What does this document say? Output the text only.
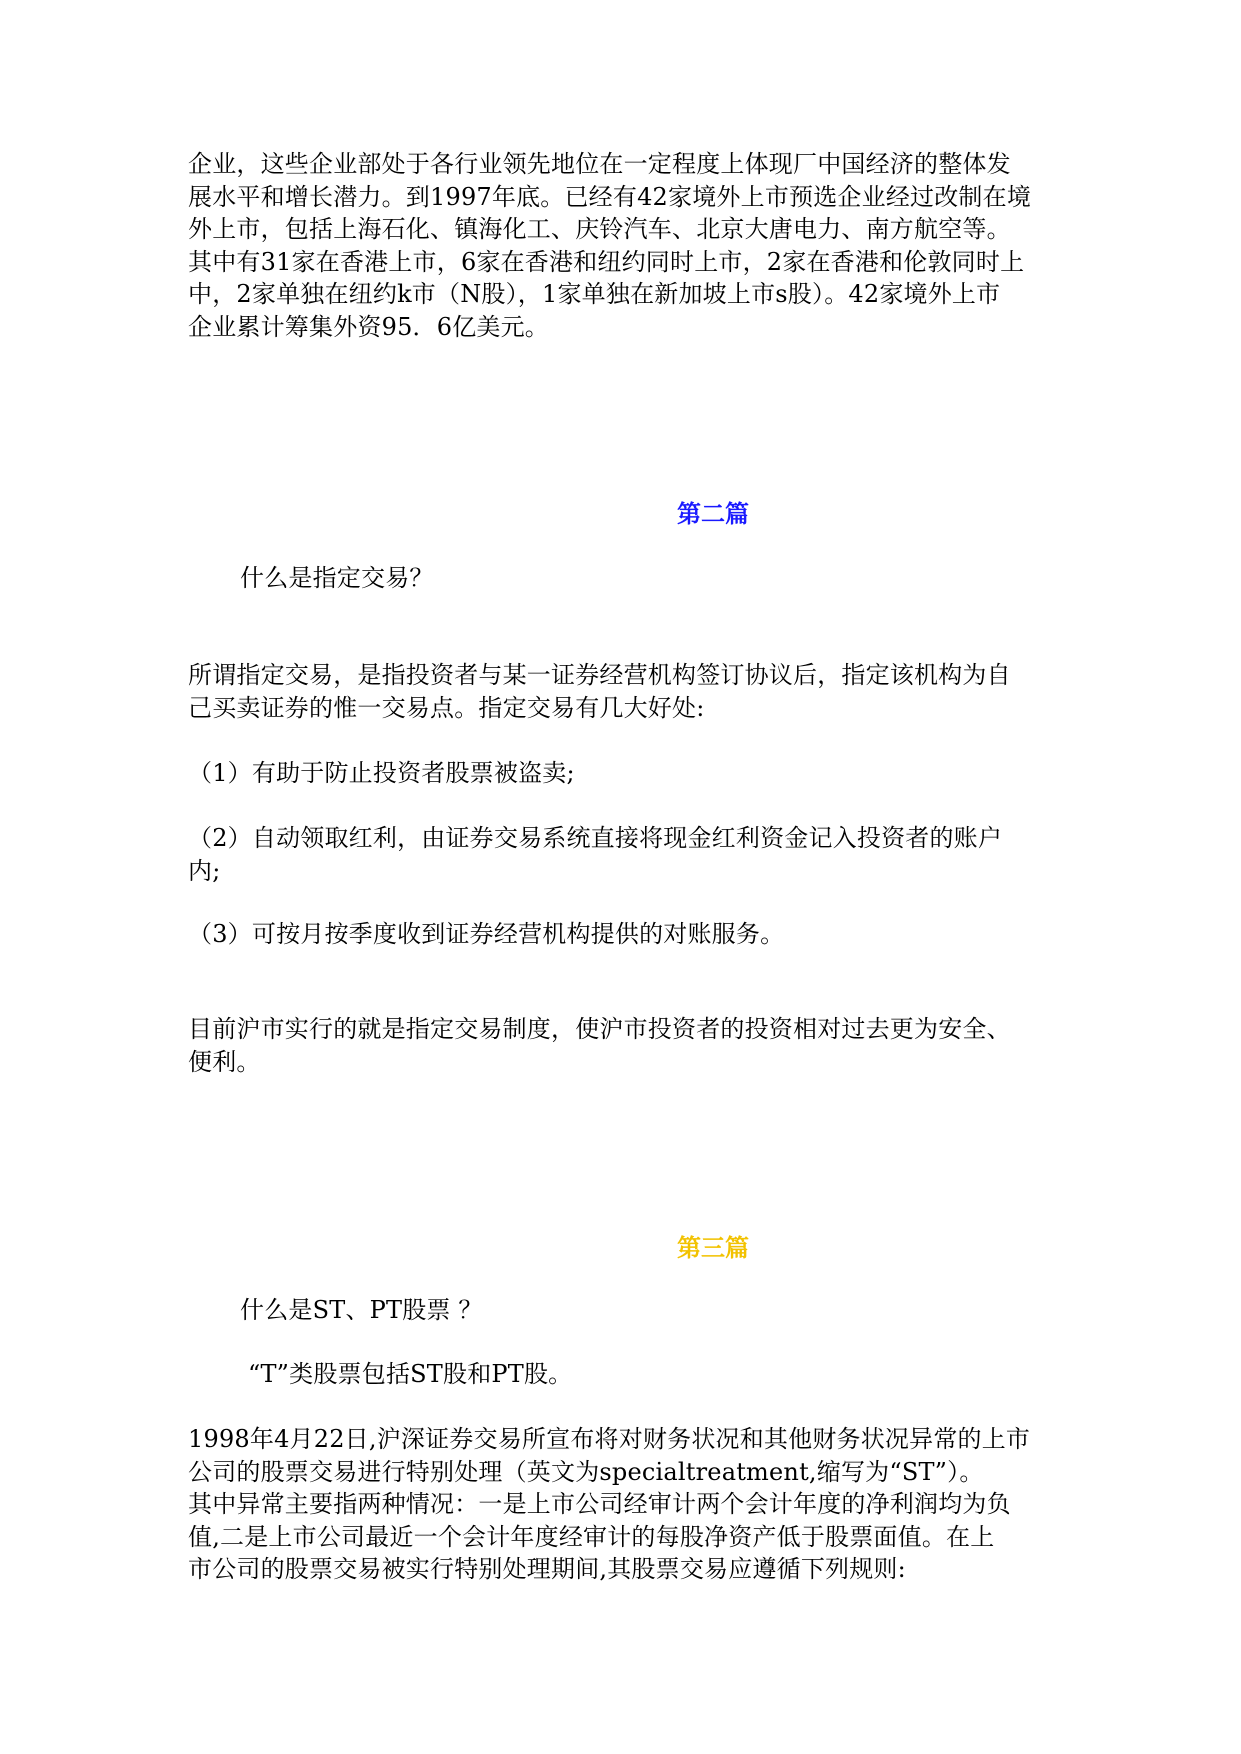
企业，这些企业部处于各行业领先地位在一定程度上体现厂中国经济的整体发
展水平和增长潜力。到1997年底。已经有42家境外上市预选企业经过改制在境
外上市，包括上海石化、镇海化工、庆铃汽车、北京大唐电力、南方航空等。
其中有31家在香港上市，6家在香港和纽约同时上市，2家在香港和伦敦同时上
中，2家单独在纽约k市（N股），1家单独在新加坡上市s股）。42家境外上市
企业累计筹集外资95．6亿美元。
第二篇
什么是指定交易？
所谓指定交易，是指投资者与某一证券经营机构签订协议后，指定该机构为自
己买卖证券的惟一交易点。指定交易有几大好处:
（1）有助于防止投资者股票被盗卖;
（2）自动领取红利，由证券交易系统直接将现金红利资金记入投资者的账户
内;
（3）可按月按季度收到证券经营机构提供的对账服务。
目前沪市实行的就是指定交易制度，使沪市投资者的投资相对过去更为安全、
便利。
第三篇
什么是ST、PT股票 ？
“T”类股票包括ST股和PT股。
1998年4月22日,沪深证券交易所宣布将对财务状况和其他财务状况异常的上市
公司的股票交易进行特别处理（英文为specialtreatment,缩写为“ST”）。
其中异常主要指两种情况：一是上市公司经审计两个会计年度的净利润均为负
值,二是上市公司最近一个会计年度经审计的每股净资产低于股票面值。在上
市公司的股票交易被实行特别处理期间,其股票交易应遵循下列规则:
